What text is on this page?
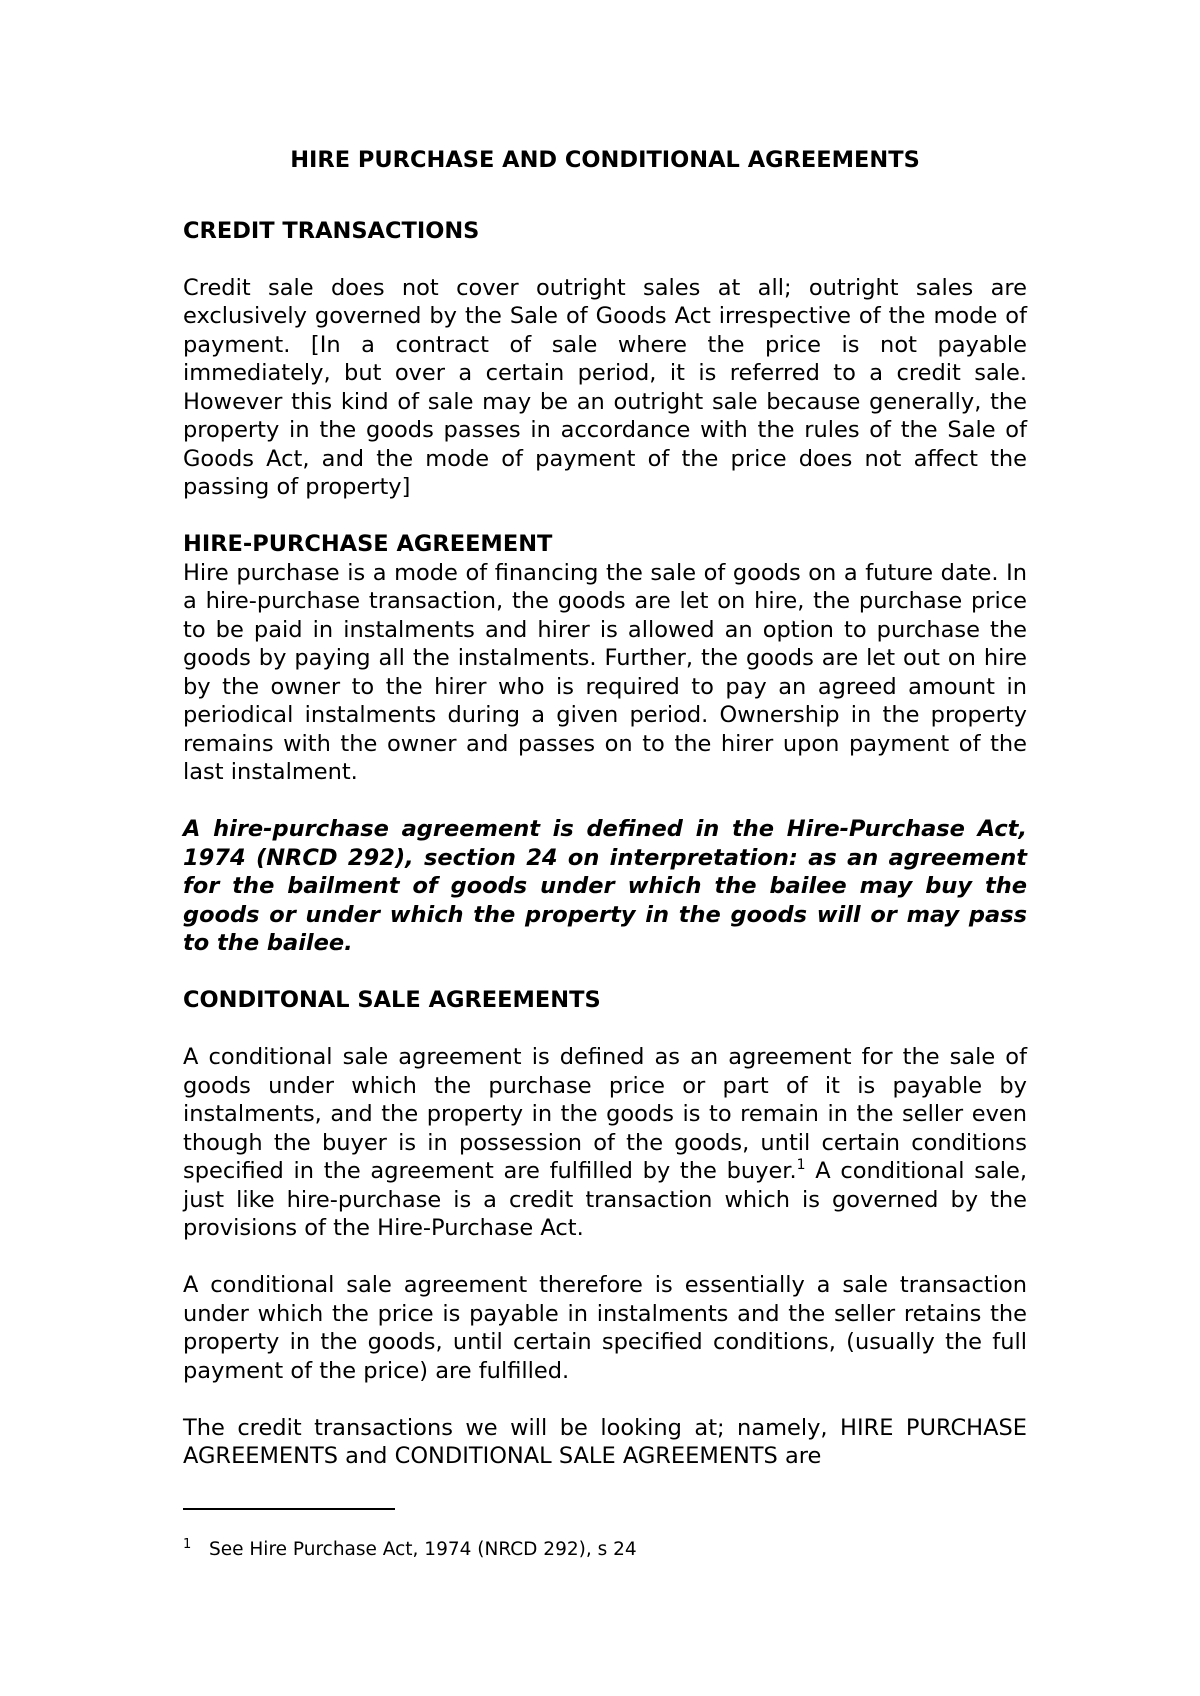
HIRE PURCHASE AND CONDITIONAL AGREEMENTS
CREDIT TRANSACTIONS

Credit sale does not cover outright sales at all; outright sales are exclusively governed by the Sale of Goods Act irrespective of the mode of payment. [In a contract of sale where the price is not payable immediately, but over a certain period, it is referred to a credit sale. However this kind of sale may be an outright sale because generally, the property in the goods passes in accordance with the rules of the Sale of Goods Act, and the mode of payment of the price does not affect the passing of property]

HIRE-PURCHASE AGREEMENT

Hire purchase is a mode of financing the sale of goods on a future date. In a hire-purchase transaction, the goods are let on hire, the purchase price to be paid in instalments and hirer is allowed an option to purchase the goods by paying all the instalments. Further, the goods are let out on hire by the owner to the hirer who is required to pay an agreed amount in periodical instalments during a given period. Ownership in the property remains with the owner and passes on to the hirer upon payment of the last instalment.

A hire-purchase agreement is defined in the Hire-Purchase Act, 1974 (NRCD 292), section 24 on interpretation: as an agreement for the bailment of goods under which the bailee may buy the goods or under which the property in the goods will or may pass to the bailee.

CONDITONAL SALE AGREEMENTS

A conditional sale agreement is defined as an agreement for the sale of goods under which the purchase price or part of it is payable by instalments, and the property in the goods is to remain in the seller even though the buyer is in possession of the goods, until certain conditions specified in the agreement are fulfilled by the buyer.$^1$ A conditional sale, just like hire-purchase is a credit transaction which is governed by the provisions of the Hire-Purchase Act.

A conditional sale agreement therefore is essentially a sale transaction under which the price is payable in instalments and the seller retains the property in the goods, until certain specified conditions, (usually the full payment of the price) are fulfilled.

The credit transactions we will be looking at; namely, HIRE PURCHASE AGREEMENTS and CONDITIONAL SALE AGREEMENTS are

1 See Hire Purchase Act, 1974 (NRCD 292), s 24
